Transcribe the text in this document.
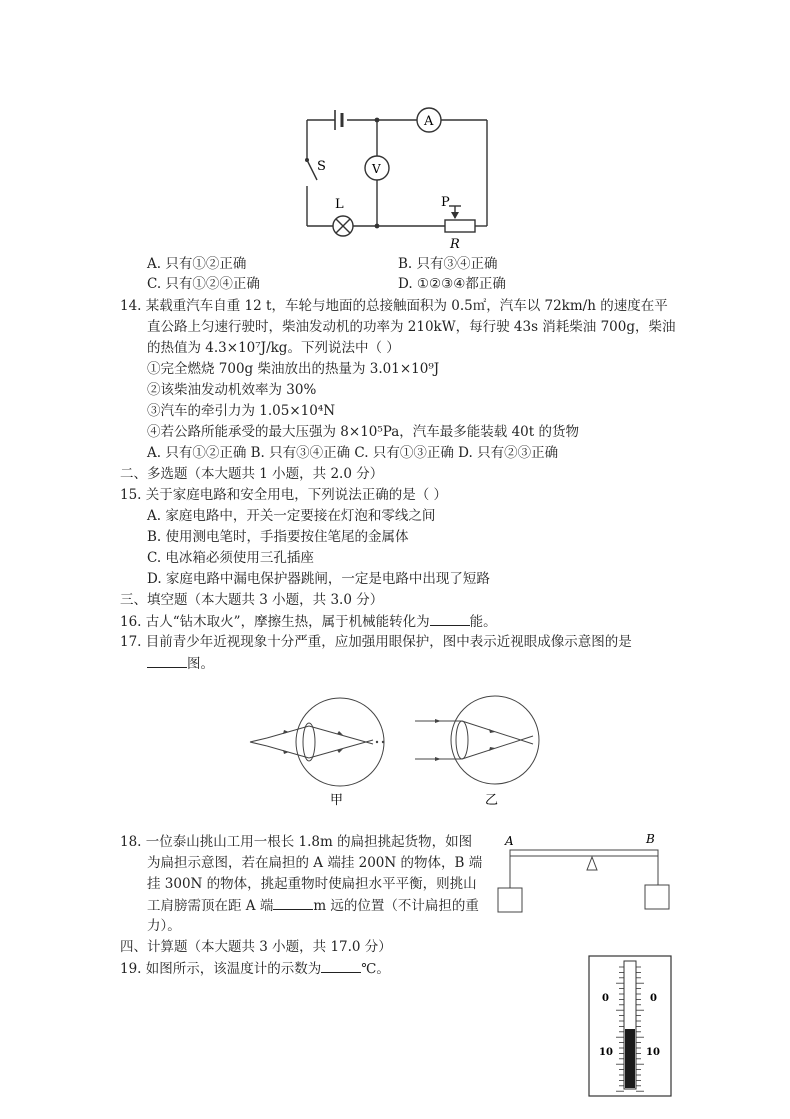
A
V
S
L	P
R
A. 只有①②正确	B. 只有③④正确
C. 只有①②④正确	D. ①②③④都正确
14. 某载重汽车自重 12 t，车轮与地面的总接触面积为 0.5㎡，汽车以 72km/h 的速度在平
直公路上匀速行驶时，柴油发动机的功率为 210kW，每行驶 43s 消耗柴油 700g，柴油
的热值为 4.3×10⁷J/kg。下列说法中（ ）
①完全燃烧 700g 柴油放出的热量为 3.01×10⁹J
②该柴油发动机效率为 30%
③汽车的牵引力为 1.05×10⁴N
④若公路所能承受的最大压强为 8×10⁵Pa，汽车最多能装载 40t 的货物
A. 只有①②正确 B. 只有③④正确 C. 只有①③正确 D. 只有②③正确
二、多选题（本大题共 1 小题，共 2.0 分）
15. 关于家庭电路和安全用电，下列说法正确的是（ ）
A. 家庭电路中，开关一定要接在灯泡和零线之间
B. 使用测电笔时，手指要按住笔尾的金属体
C. 电冰箱必须使用三孔插座
D. 家庭电路中漏电保护器跳闸，一定是电路中出现了短路
三、填空题（本大题共 3 小题，共 3.0 分）
16. 古人“钻木取火”，摩擦生热，属于机械能转化为	能。
17. 目前青少年近视现象十分严重，应加强用眼保护，图中表示近视眼成像示意图的是
图。
甲	乙
18. 一位泰山挑山工用一根长 1.8m 的扁担挑起货物，如图
为扁担示意图，若在扁担的 A 端挂 200N 的物体，B 端
挂 300N 的物体，挑起重物时使扁担水平平衡，则挑山
工肩膀需顶在距 A 端	m 远的位置（不计扁担的重
力）。
A	B
四、计算题（本大题共 3 小题，共 17.0 分）
19. 如图所示，该温度计的示数为	℃。
0	0
10	10
